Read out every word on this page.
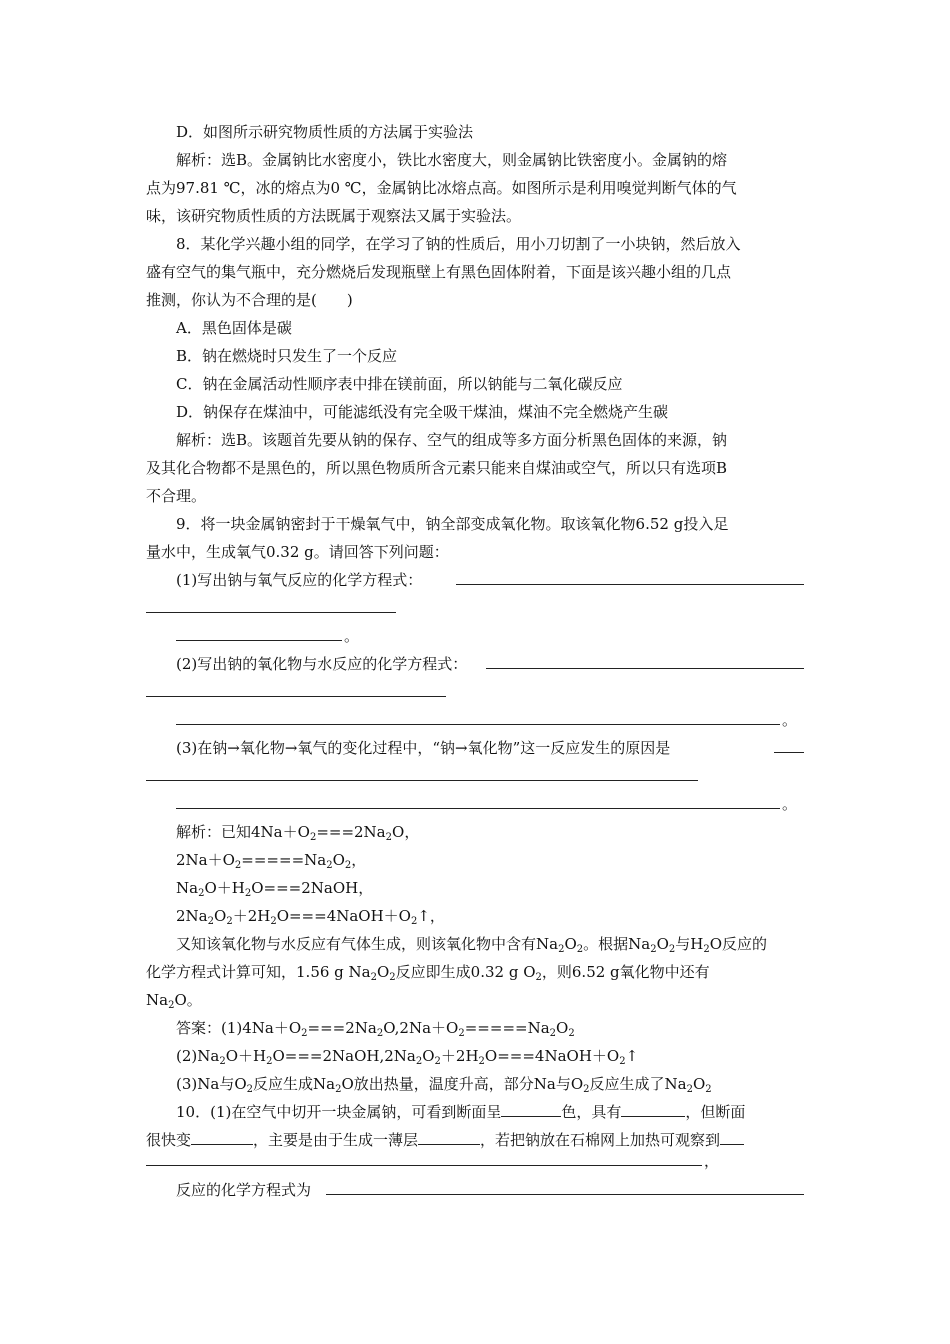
D．如图所示研究物质性质的方法属于实验法
解析：选B。金属钠比水密度小，铁比水密度大，则金属钠比铁密度小。金属钠的熔
点为97.81 ℃，冰的熔点为0 ℃，金属钠比冰熔点高。如图所示是利用嗅觉判断气体的气
味，该研究物质性质的方法既属于观察法又属于实验法。
8．某化学兴趣小组的同学，在学习了钠的性质后，用小刀切割了一小块钠，然后放入
盛有空气的集气瓶中，充分燃烧后发现瓶壁上有黑色固体附着，下面是该兴趣小组的几点
推测，你认为不合理的是(　　)
A．黑色固体是碳
B．钠在燃烧时只发生了一个反应
C．钠在金属活动性顺序表中排在镁前面，所以钠能与二氧化碳反应
D．钠保存在煤油中，可能滤纸没有完全吸干煤油，煤油不完全燃烧产生碳
解析：选B。该题首先要从钠的保存、空气的组成等多方面分析黑色固体的来源，钠
及其化合物都不是黑色的，所以黑色物质所含元素只能来自煤油或空气，所以只有选项B
不合理。
9．将一块金属钠密封于干燥氧气中，钠全部变成氧化物。取该氧化物6.52 g投入足
量水中，生成氧气0.32 g。请回答下列问题：
(1)写出钠与氧气反应的化学方程式：
。
(2)写出钠的氧化物与水反应的化学方程式：
。
(3)在钠→氧化物→氧气的变化过程中，“钠→氧化物”这一反应发生的原因是
。
解析：已知$4Na+O_2===2Na_2O$，
$2Na+O_2=====Na_2O_2$，
$Na_2O+H_2O===2NaOH$，
$2Na_2O_2+2H_2O===4NaOH+O_2↑$，
又知该氧化物与水反应有气体生成，则该氧化物中含有$Na_2O_2$。根据$Na_2O_2$与$H_2O$反应的
化学方程式计算可知，1.56 g $Na_2O_2$反应即生成0.32 g $O_2$，则6.52 g氧化物中还有
$Na_2O$。
答案：$(1)4Na+O_2===2Na_2O,2Na+O_2=====Na_2O_2$
$(2)Na_2O+H_2O===2NaOH,2Na_2O_2+2H_2O===4NaOH+O_2↑$
(3)Na与$O_2$反应生成$Na_2O$放出热量，温度升高，部分Na与$O_2$反应生成了$Na_2O_2$
10．(1)在空气中切开一块金属钠，可看到断面呈	色，具有	，但断面
很快变	，主要是由于生成一薄层	，若把钠放在石棉网上加热可观察到
，
反应的化学方程式为
